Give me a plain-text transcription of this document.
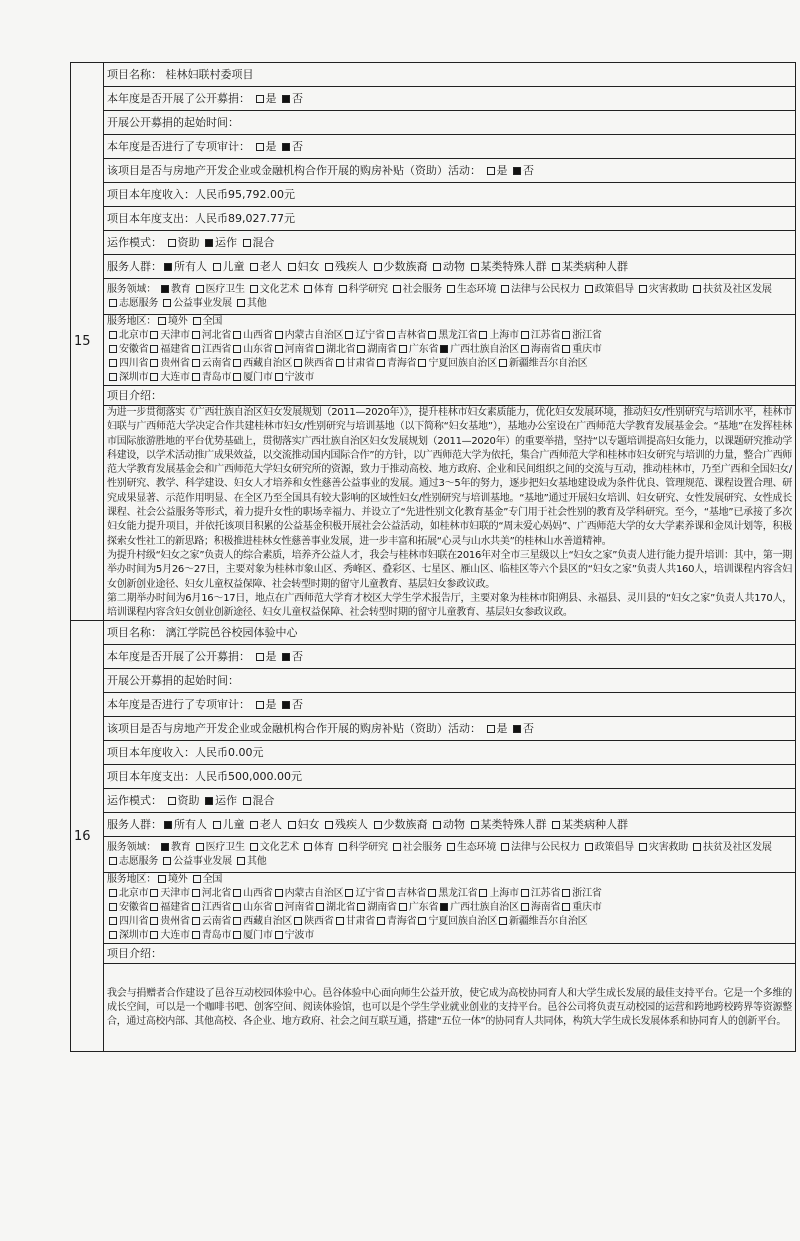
15	项目名称： 桂林妇联村委项目
	本年度是否开展了公开募捐： 是 否
	开展公开募捐的起始时间：
	本年度是否进行了专项审计： 是 否
	该项目是否与房地产开发企业或金融机构合作开展的购房补贴（资助）活动： 是 否
	项目本年度收入：人民币95,792.00元
	项目本年度支出：人民币89,027.77元
	运作模式： 资助 运作 混合
	服务人群： 所有人 儿童 老人 妇女 残疾人 少数族裔 动物 某类特殊人群 某类病种人群
	服务领域： 教育 医疗卫生 文化艺术 体育 科学研究 社会服务 生态环境 法律与公民权力 政策倡导 灾害救助 扶贫及社区发展 志愿服务 公益事业发展 其他

	服务地区： 境外 全国
北京市 天津市 河北省 山西省 内蒙古自治区 辽宁省 吉林省 黑龙江省 上海市 江苏省 浙江省
安徽省 福建省 江西省 山东省 河南省 湖北省 湖南省 广东省 广西壮族自治区 海南省 重庆市
四川省 贵州省 云南省 西藏自治区 陕西省 甘肃省 青海省 宁夏回族自治区 新疆维吾尔自治区
深圳市 大连市 青岛市 厦门市 宁波市

	项目介绍：

	为进一步贯彻落实《广西壮族自治区妇女发展规划（2011—2020年）》，提升桂林市妇女素质能力，优化妇女发展环境，推动妇女/性别研究与培训水平，桂林市妇联与广西师范大学决定合作共建桂林市妇女/性别研究与培训基地（以下简称“妇女基地”），基地办公室设在广西师范大学教育发展基金会。“基地”在发挥桂林市国际旅游胜地的平台优势基础上，贯彻落实广西壮族自治区妇女发展规划（2011—2020年）的重要举措，坚持“以专题培训提高妇女能力，以课题研究推动学科建设，以学术活动推广成果效益，以交流推动国内国际合作”的方针，以广西师范大学为依托，集合广西师范大学和桂林市妇女研究与培训的力量，整合广西师范大学教育发展基金会和广西师范大学妇女研究所的资源，致力于推动高校、地方政府、企业和民间组织之间的交流与互动，推动桂林市，乃至广西和全国妇女/性别研究、教学、科学建设、妇女人才培养和女性慈善公益事业的发展。通过3～5年的努力，逐步把妇女基地建设成为条件优良、管理规范、课程设置合理、研究成果显著、示范作用明显、在全区乃至全国具有较大影响的区域性妇女/性别研究与培训基地。“基地”通过开展妇女培训、妇女研究、女性发展研究、女性成长课程、社会公益服务等形式，着力提升女性的职场幸福力、并设立了“先进性别文化教育基金”专门用于社会性别的教育及学科研究。至今，“基地”已承接了多次妇女能力提升项目，并依托该项目积累的公益基金积极开展社会公益活动，如桂林市妇联的“周末爱心妈妈”、广西师范大学的女大学素养课和金凤计划等，积极探索女性社工的新思路；积极推进桂林女性慈善事业发展，进一步丰富和拓展“心灵与山水共美”的桂林山水善道精神。

为提升村级“妇女之家”负责人的综合素质，培养齐公益人才，我会与桂林市妇联在2016年对全市三星级以上“妇女之家”负责人进行能力提升培训：其中，第一期举办时间为5月26～27日，主要对象为桂林市象山区、秀峰区、叠彩区、七星区、雁山区、临桂区等六个县区的“妇女之家”负责人共160人，培训课程内容含妇女创新创业途径、妇女儿童权益保障、社会转型时期的留守儿童教育、基层妇女参政议政。

第二期举办时间为6月16～17日，地点在广西师范大学育才校区大学生学术报告厅，主要对象为桂林市阳朔县、永福县、灵川县的“妇女之家”负责人共170人，培训课程内容含妇女创业创新途径、妇女儿童权益保障、社会转型时期的留守儿童教育、基层妇女参政议政。

16	项目名称： 漓江学院邑谷校园体验中心
	本年度是否开展了公开募捐： 是 否
	开展公开募捐的起始时间：
	本年度是否进行了专项审计： 是 否
	该项目是否与房地产开发企业或金融机构合作开展的购房补贴（资助）活动： 是 否
	项目本年度收入：人民币0.00元
	项目本年度支出：人民币500,000.00元
	运作模式： 资助 运作 混合
	服务人群： 所有人 儿童 老人 妇女 残疾人 少数族裔 动物 某类特殊人群 某类病种人群
	服务领域： 教育 医疗卫生 文化艺术 体育 科学研究 社会服务 生态环境 法律与公民权力 政策倡导 灾害救助 扶贫及社区发展 志愿服务 公益事业发展 其他

	服务地区： 境外 全国
北京市 天津市 河北省 山西省 内蒙古自治区 辽宁省 吉林省 黑龙江省 上海市 江苏省 浙江省
安徽省 福建省 江西省 山东省 河南省 湖北省 湖南省 广东省 广西壮族自治区 海南省 重庆市
四川省 贵州省 云南省 西藏自治区 陕西省 甘肃省 青海省 宁夏回族自治区 新疆维吾尔自治区
深圳市 大连市 青岛市 厦门市 宁波市

	项目介绍：

	我会与捐赠者合作建设了邑谷互动校园体验中心。邑谷体验中心面向师生公益开放，使它成为高校协同育人和大学生成长发展的最佳支持平台。它是一个多维的成长空间，可以是一个咖啡书吧、创客空间、阅读体验馆，也可以是个学生学业就业创业的支持平台。邑谷公司将负责互动校园的运营和跨地跨校跨界等资源整合，通过高校内部、其他高校、各企业、地方政府、社会之间互联互通，搭建“五位一体”的协同育人共同体，构筑大学生成长发展体系和协同育人的创新平台。
